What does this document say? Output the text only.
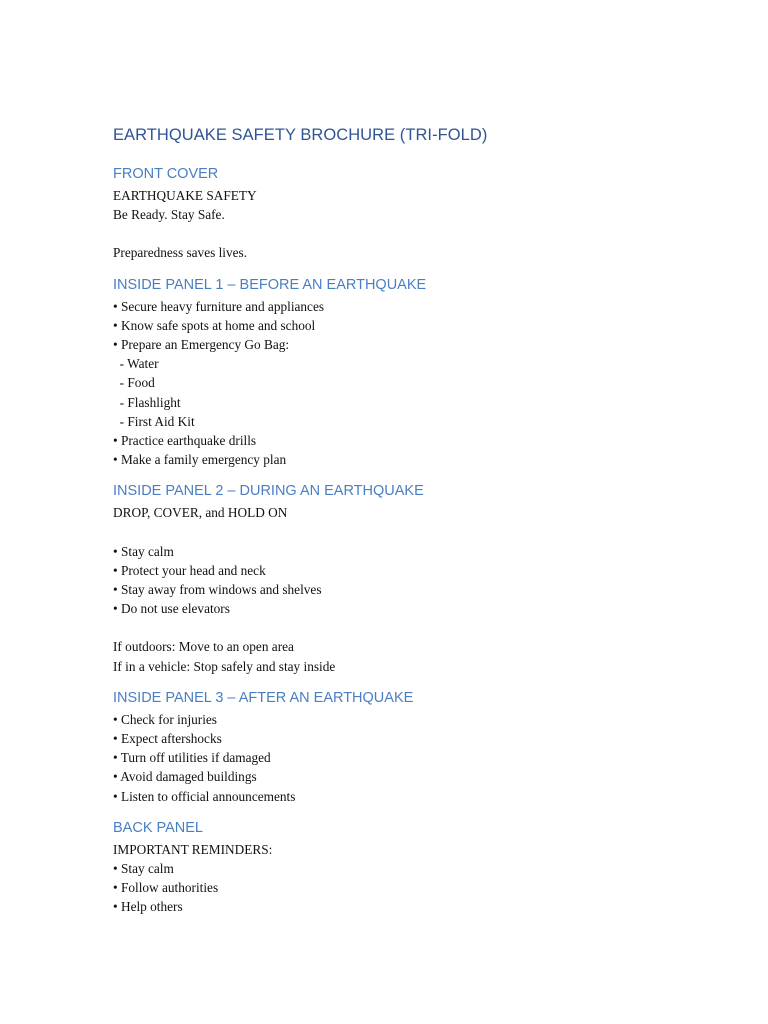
EARTHQUAKE SAFETY BROCHURE (TRI-FOLD)
FRONT COVER

EARTHQUAKE SAFETY

Be Ready. Stay Safe.

Preparedness saves lives.

INSIDE PANEL 1 – BEFORE AN EARTHQUAKE

• Secure heavy furniture and appliances

• Know safe spots at home and school

• Prepare an Emergency Go Bag:

- Water

- Food

- Flashlight

- First Aid Kit

• Practice earthquake drills

• Make a family emergency plan

INSIDE PANEL 2 – DURING AN EARTHQUAKE

DROP, COVER, and HOLD ON

• Stay calm

• Protect your head and neck

• Stay away from windows and shelves

• Do not use elevators

If outdoors: Move to an open area

If in a vehicle: Stop safely and stay inside

INSIDE PANEL 3 – AFTER AN EARTHQUAKE

• Check for injuries

• Expect aftershocks

• Turn off utilities if damaged

• Avoid damaged buildings

• Listen to official announcements

BACK PANEL

IMPORTANT REMINDERS:

• Stay calm

• Follow authorities

• Help others
